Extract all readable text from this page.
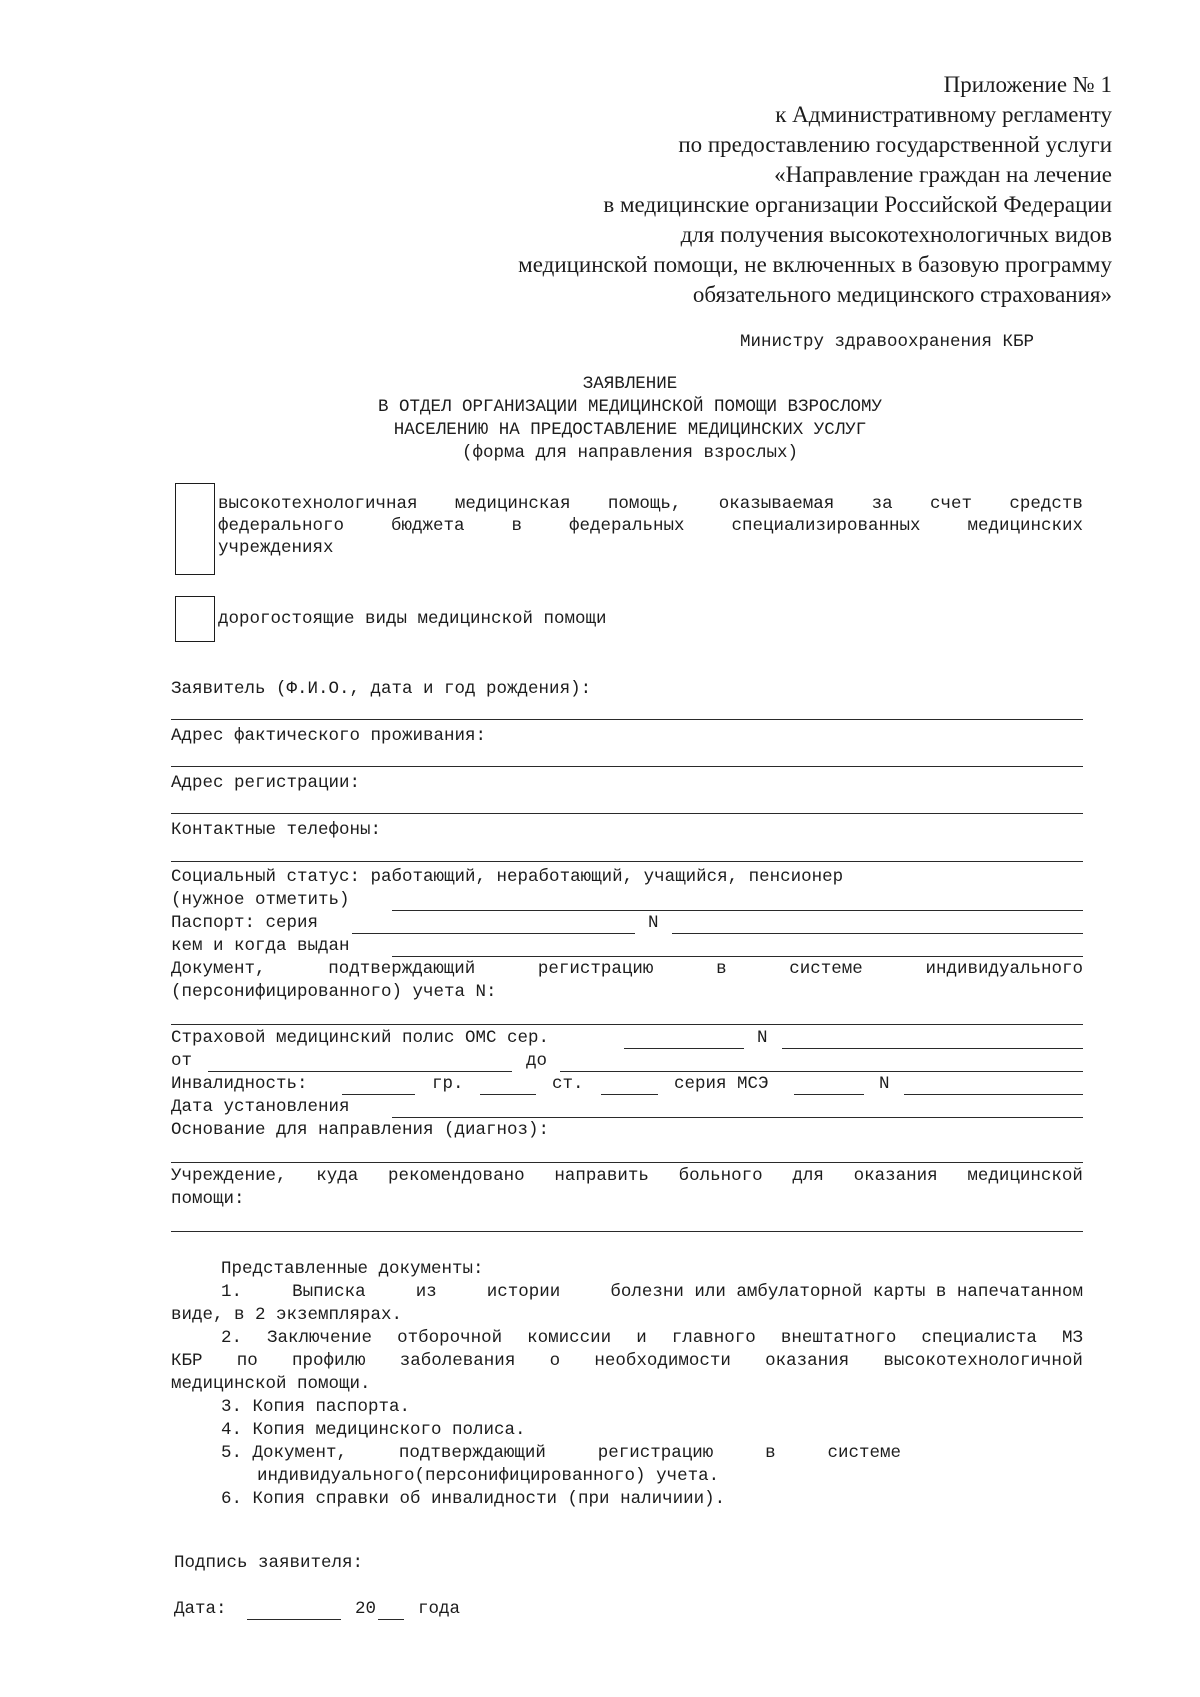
Приложение № 1
к Административному регламенту
по предоставлению государственной услуги
«Направление граждан на лечение
в медицинские организации Российской Федерации
для получения высокотехнологичных видов
медицинской помощи, не включенных в базовую программу
обязательного медицинского страхования»
Министру здравоохранения КБР
ЗАЯВЛЕНИЕ
В ОТДЕЛ ОРГАНИЗАЦИИ МЕДИЦИНСКОЙ ПОМОЩИ ВЗРОСЛОМУ
НАСЕЛЕНИЮ НА ПРЕДОСТАВЛЕНИЕ МЕДИЦИНСКИХ УСЛУГ
(форма для направления взрослых)
высокотехнологичная медицинская помощь, оказываемая за счет средств
федерального	бюджета	в	федеральных	специализированных	медицинских
учреждениях
дорогостоящие виды медицинской помощи
Заявитель (Ф.И.О., дата и год рождения):
Адрес фактического проживания:
Адрес регистрации:
Контактные телефоны:
Социальный статус: работающий, неработающий, учащийся, пенсионер
(нужное отметить)
Паспорт: серия	N
кем и когда выдан
Документ,	подтверждающий	регистрацию	в	системе	индивидуального
(персонифицированного) учета N:
Страховой медицинский полис ОМС сер.	N
от	до
Инвалидность:	гр.	ст.	серия МСЭ	N
Дата установления
Основание для направления (диагноз):
Учреждение, куда рекомендовано направить больного для оказания медицинской
помощи:
Представленные документы:
1.	Выписка	из	истории	болезни или амбулаторной карты в напечатанном
виде, в 2 экземплярах.
2. Заключение отборочной комиссии и главного внештатного специалиста МЗ
КБР по профилю заболевания о необходимости оказания высокотехнологичной
медицинской помощи.
3. Копия паспорта.
4. Копия медицинского полиса.
5. Документ,	подтверждающий	регистрацию	в	системе
индивидуального(персонифицированного) учета.
6. Копия справки об инвалидности (при наличиии).
Подпись заявителя:
Дата:	20 года
